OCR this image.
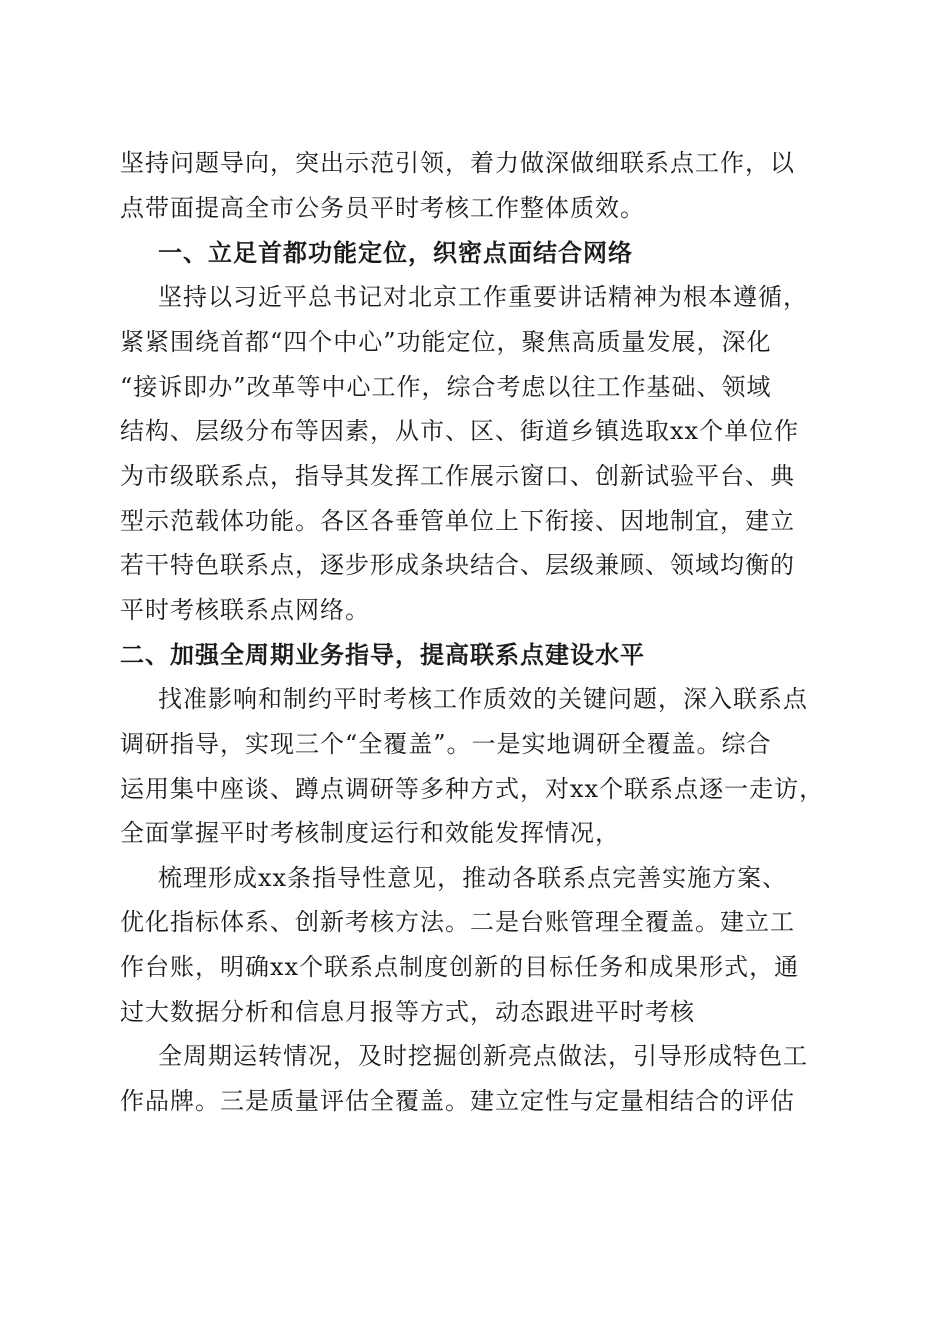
坚持问题导向，突出示范引领，着力做深做细联系点工作，以
点带面提高全市公务员平时考核工作整体质效。
一、立足首都功能定位，织密点面结合网络
坚持以习近平总书记对北京工作重要讲话精神为根本遵循，
紧紧围绕首都“四个中心”功能定位，聚焦高质量发展，深化
“接诉即办”改革等中心工作，综合考虑以往工作基础、领域
结构、层级分布等因素，从市、区、街道乡镇选取xx个单位作
为市级联系点，指导其发挥工作展示窗口、创新试验平台、典
型示范载体功能。各区各垂管单位上下衔接、因地制宜，建立
若干特色联系点，逐步形成条块结合、层级兼顾、领域均衡的
平时考核联系点网络。
二、加强全周期业务指导，提高联系点建设水平
找准影响和制约平时考核工作质效的关键问题，深入联系点
调研指导，实现三个“全覆盖”。一是实地调研全覆盖。综合
运用集中座谈、蹲点调研等多种方式，对xx个联系点逐一走访，
全面掌握平时考核制度运行和效能发挥情况，
梳理形成xx条指导性意见，推动各联系点完善实施方案、
优化指标体系、创新考核方法。二是台账管理全覆盖。建立工
作台账，明确xx个联系点制度创新的目标任务和成果形式，通
过大数据分析和信息月报等方式，动态跟进平时考核
全周期运转情况，及时挖掘创新亮点做法，引导形成特色工
作品牌。三是质量评估全覆盖。建立定性与定量相结合的评估
